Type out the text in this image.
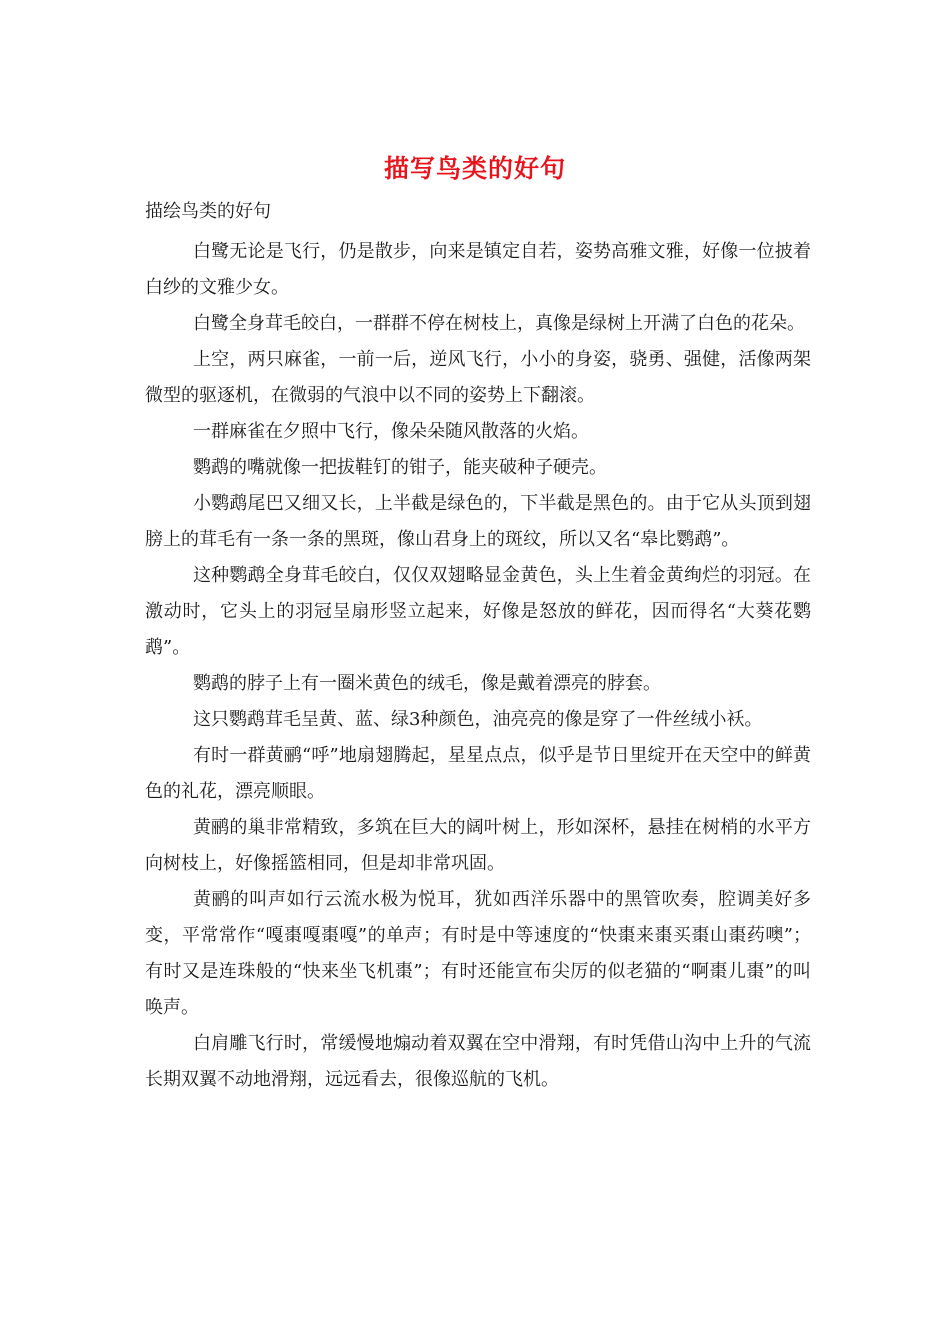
描写鸟类的好句
描绘鸟类的好句

白鹭无论是飞行，仍是散步，向来是镇定自若，姿势高雅文雅，好像一位披着白纱的文雅少女。

白鹭全身茸毛皎白，一群群不停在树枝上，真像是绿树上开满了白色的花朵。

上空，两只麻雀，一前一后，逆风飞行，小小的身姿，骁勇、强健，活像两架微型的驱逐机，在微弱的气浪中以不同的姿势上下翻滚。

一群麻雀在夕照中飞行，像朵朵随风散落的火焰。

鹦鹉的嘴就像一把拔鞋钉的钳子，能夹破种子硬壳。

小鹦鹉尾巴又细又长，上半截是绿色的，下半截是黑色的。由于它从头顶到翅膀上的茸毛有一条一条的黑斑，像山君身上的斑纹，所以又名“皋比鹦鹉”。

这种鹦鹉全身茸毛皎白，仅仅双翅略显金黄色，头上生着金黄绚烂的羽冠。在激动时，它头上的羽冠呈扇形竖立起来，好像是怒放的鲜花，因而得名“大葵花鹦鹉”。

鹦鹉的脖子上有一圈米黄色的绒毛，像是戴着漂亮的脖套。

这只鹦鹉茸毛呈黄、蓝、绿3种颜色，油亮亮的像是穿了一件丝绒小袄。

有时一群黄鹂“呼”地扇翅腾起，星星点点，似乎是节日里绽开在天空中的鲜黄色的礼花，漂亮顺眼。

黄鹂的巢非常精致，多筑在巨大的阔叶树上，形如深杯，悬挂在树梢的水平方向树枝上，好像摇篮相同，但是却非常巩固。

黄鹂的叫声如行云流水极为悦耳，犹如西洋乐器中的黑管吹奏，腔调美好多变，平常常作“嘎棗嘎棗嘎”的单声；有时是中等速度的“快棗来棗买棗山棗药噢”；有时又是连珠般的“快来坐飞机棗”；有时还能宣布尖厉的似老猫的“啊棗儿棗”的叫唤声。

白肩雕飞行时，常缓慢地煽动着双翼在空中滑翔，有时凭借山沟中上升的气流长期双翼不动地滑翔，远远看去，很像巡航的飞机。
